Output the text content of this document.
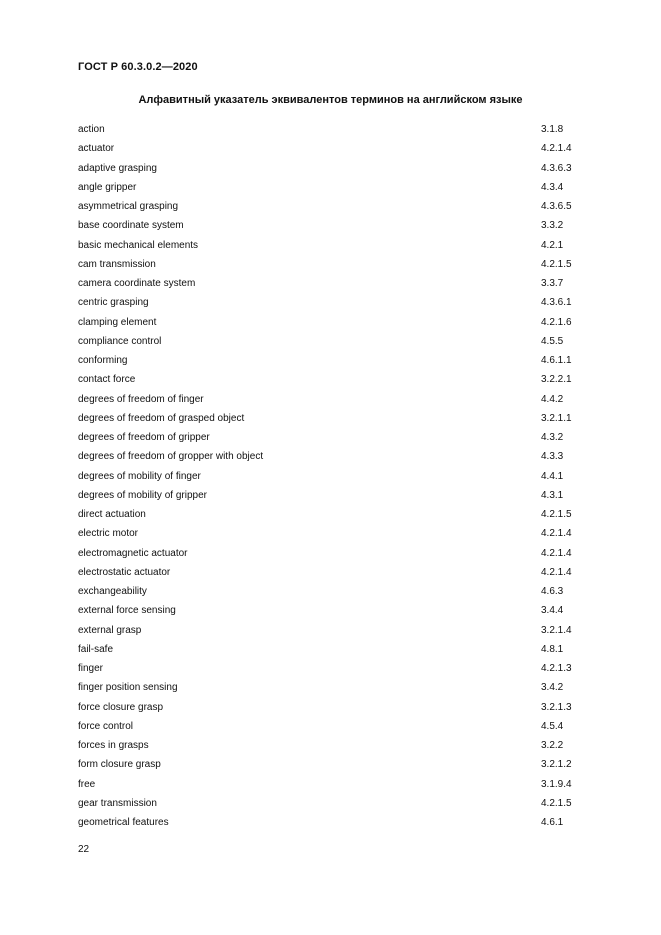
ГОСТ Р 60.3.0.2—2020
Алфавитный указатель эквивалентов терминов на английском языке
action	3.1.8
actuator	4.2.1.4
adaptive grasping	4.3.6.3
angle gripper	4.3.4
asymmetrical grasping	4.3.6.5
base coordinate system	3.3.2
basic mechanical elements	4.2.1
cam transmission	4.2.1.5
camera coordinate system	3.3.7
centric grasping	4.3.6.1
clamping element	4.2.1.6
compliance control	4.5.5
conforming	4.6.1.1
contact force	3.2.2.1
degrees of freedom of finger	4.4.2
degrees of freedom of grasped object	3.2.1.1
degrees of freedom of gripper	4.3.2
degrees of freedom of gropper with object	4.3.3
degrees of mobility of finger	4.4.1
degrees of mobility of gripper	4.3.1
direct actuation	4.2.1.5
electric motor	4.2.1.4
electromagnetic actuator	4.2.1.4
electrostatic actuator	4.2.1.4
exchangeability	4.6.3
external force sensing	3.4.4
external grasp	3.2.1.4
fail-safe	4.8.1
finger	4.2.1.3
finger position sensing	3.4.2
force closure grasp	3.2.1.3
force control	4.5.4
forces in grasps	3.2.2
form closure grasp	3.2.1.2
free	3.1.9.4
gear transmission	4.2.1.5
geometrical features	4.6.1
22
